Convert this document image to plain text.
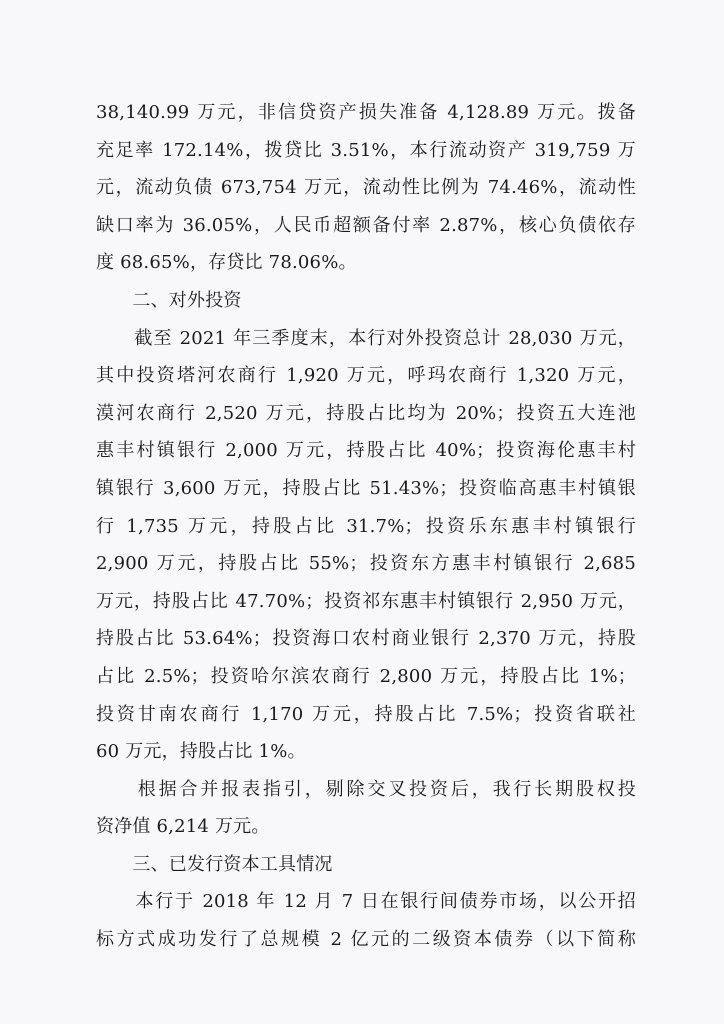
38,140.99 万元，非信贷资产损失准备 4,128.89 万元。拨备
充足率 172.14%，拨贷比 3.51%，本行流动资产 319,759 万
元，流动负债 673,754 万元，流动性比例为 74.46%，流动性
缺口率为 36.05%，人民币超额备付率 2.87%，核心负债依存
度 68.65%，存贷比 78.06%。
　　二、对外投资
　　截至 2021 年三季度末，本行对外投资总计 28,030 万元，
其中投资塔河农商行 1,920 万元，呼玛农商行 1,320 万元，
漠河农商行 2,520 万元，持股占比均为 20%；投资五大连池
惠丰村镇银行 2,000 万元，持股占比 40%；投资海伦惠丰村
镇银行 3,600 万元，持股占比 51.43%；投资临高惠丰村镇银
行 1,735 万元，持股占比 31.7%；投资乐东惠丰村镇银行
2,900 万元，持股占比 55%；投资东方惠丰村镇银行 2,685
万元，持股占比 47.70%；投资祁东惠丰村镇银行 2,950 万元，
持股占比 53.64%；投资海口农村商业银行 2,370 万元，持股
占比 2.5%；投资哈尔滨农商行 2,800 万元，持股占比 1%；
投资甘南农商行 1,170 万元，持股占比 7.5%；投资省联社
60 万元，持股占比 1%。
　　根据合并报表指引，剔除交叉投资后，我行长期股权投
资净值 6,214 万元。
　　三、已发行资本工具情况
　　本行于 2018 年 12 月 7 日在银行间债券市场，以公开招
标方式成功发行了总规模 2 亿元的二级资本债券（以下简称
